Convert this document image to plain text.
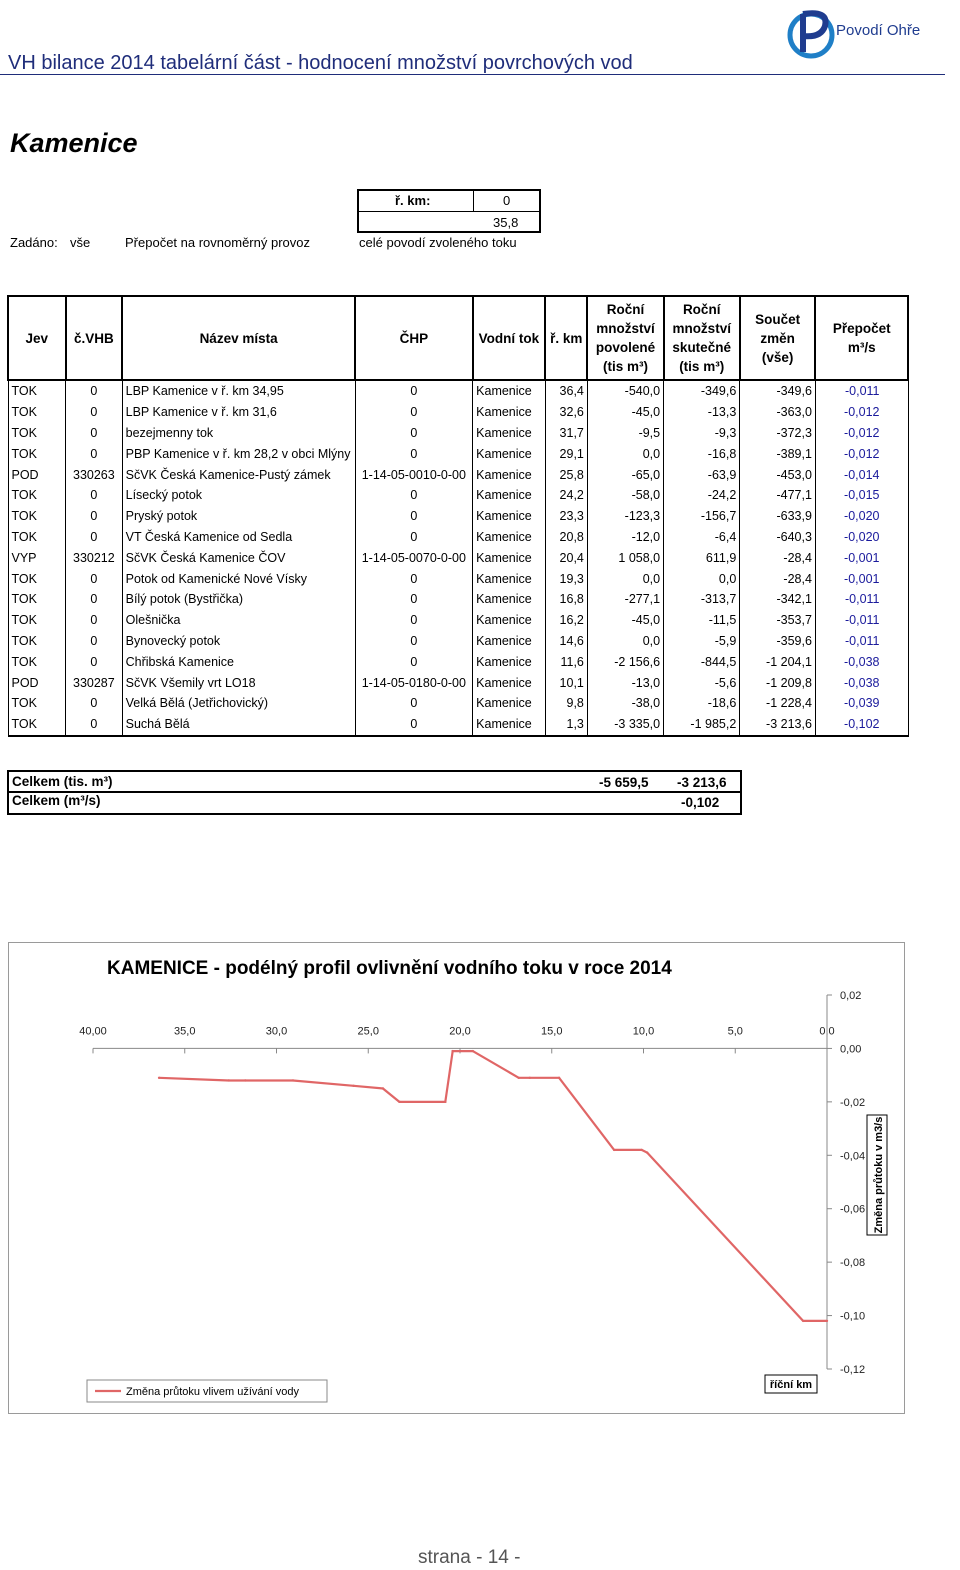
VH bilance 2014 tabelární část - hodnocení množství povrchových vod
Povodí Ohře
Kamenice
ř. km:	0
35,8
Zadáno: vše	Přepočet na rovnoměrný provoz	celé povodí zvoleného toku
Jev	č.VHB	Název místa	ČHP	Vodní tok	ř. km	Roční
množství
povolené
(tis m³)	Roční
množství
skutečné
(tis m³)	Součet
změn
(vše)	Přepočet
m³/s
TOK	0	LBP Kamenice v ř. km 34,95	0	Kamenice	36,4	-540,0	-349,6	-349,6	-0,011
TOK	0	LBP Kamenice v ř. km 31,6	0	Kamenice	32,6	-45,0	-13,3	-363,0	-0,012
TOK	0	bezejmenny tok	0	Kamenice	31,7	-9,5	-9,3	-372,3	-0,012
TOK	0	PBP Kamenice v ř. km 28,2 v obci Mlýny	0	Kamenice	29,1	0,0	-16,8	-389,1	-0,012
POD	330263	SčVK Česká Kamenice-Pustý zámek	1-14-05-0010-0-00	Kamenice	25,8	-65,0	-63,9	-453,0	-0,014
TOK	0	Lísecký potok	0	Kamenice	24,2	-58,0	-24,2	-477,1	-0,015
TOK	0	Pryský potok	0	Kamenice	23,3	-123,3	-156,7	-633,9	-0,020
TOK	0	VT Česká Kamenice od Sedla	0	Kamenice	20,8	-12,0	-6,4	-640,3	-0,020
VYP	330212	SčVK Česká Kamenice ČOV	1-14-05-0070-0-00	Kamenice	20,4	1 058,0	611,9	-28,4	-0,001
TOK	0	Potok od Kamenické Nové Vísky	0	Kamenice	19,3	0,0	0,0	-28,4	-0,001
TOK	0	Bílý potok (Bystřička)	0	Kamenice	16,8	-277,1	-313,7	-342,1	-0,011
TOK	0	Olešnička	0	Kamenice	16,2	-45,0	-11,5	-353,7	-0,011
TOK	0	Bynovecký potok	0	Kamenice	14,6	0,0	-5,9	-359,6	-0,011
TOK	0	Chřibská Kamenice	0	Kamenice	11,6	-2 156,6	-844,5	-1 204,1	-0,038
POD	330287	SčVK Všemily vrt LO18	1-14-05-0180-0-00	Kamenice	10,1	-13,0	-5,6	-1 209,8	-0,038
TOK	0	Velká Bělá (Jetřichovický)	0	Kamenice	9,8	-38,0	-18,6	-1 228,4	-0,039
TOK	0	Suchá Bělá	0	Kamenice	1,3	-3 335,0	-1 985,2	-3 213,6	-0,102
Celkem (tis. m³)	-5 659,5 -3 213,6
Celkem (m³/s)	-0,102
KAMENICE - podélný profil ovlivnění vodního toku v roce 2014
40,00	35,0	30,0	25,0	20,0	15,0	10,0	5,0	0,0
0,02
0,00
-0,02
-0,04
-0,06
-0,08
-0,10
-0,12
Změna průtoku v m3/s
říční km
Změna průtoku vlivem užívání vody
strana - 14 -
